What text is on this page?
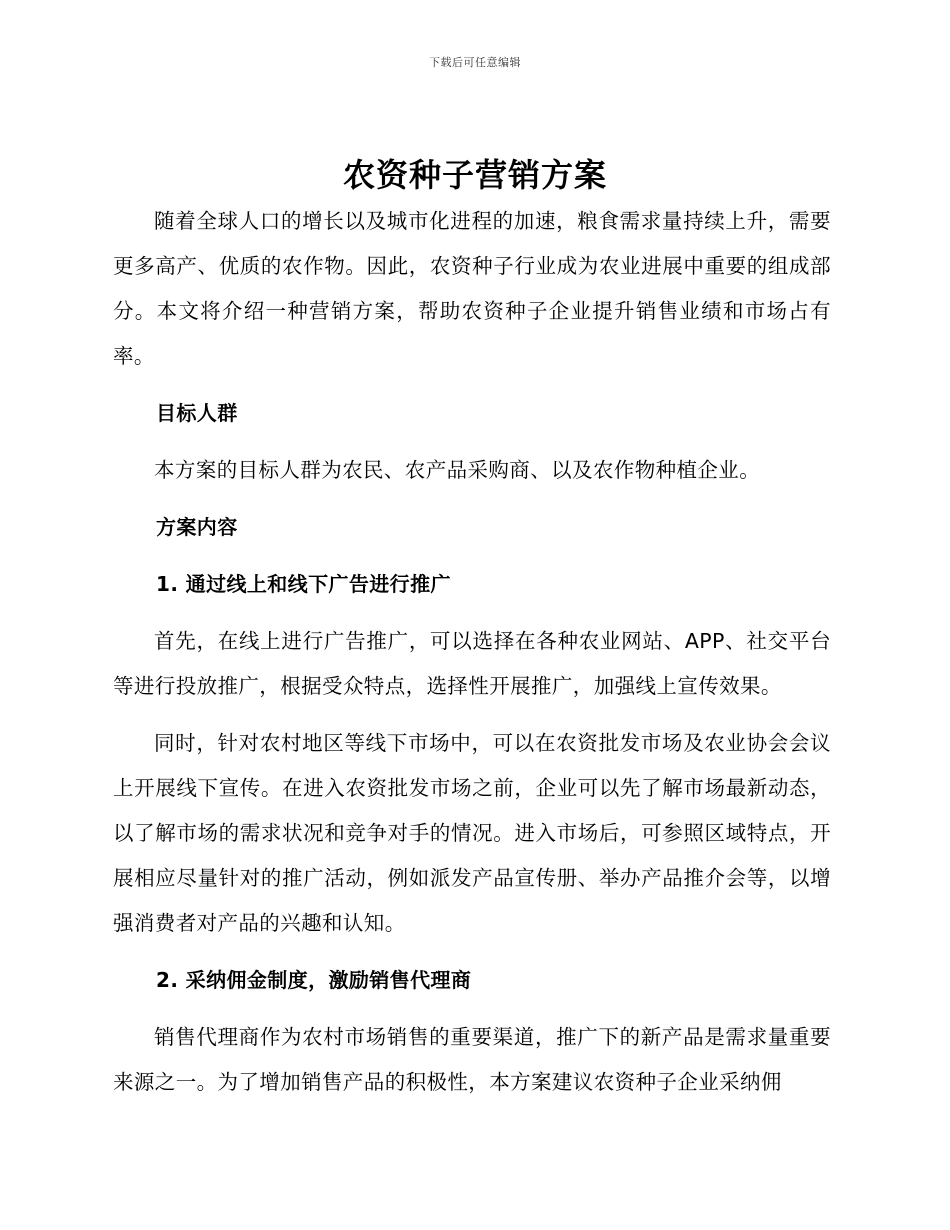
下载后可任意编辑
农资种子营销方案

随着全球人口的增长以及城市化进程的加速，粮食需求量持续上升，需要更多高产、优质的农作物。因此，农资种子行业成为农业进展中重要的组成部分。本文将介绍一种营销方案，帮助农资种子企业提升销售业绩和市场占有率。

目标人群

本方案的目标人群为农民、农产品采购商、以及农作物种植企业。

方案内容

1. 通过线上和线下广告进行推广

首先，在线上进行广告推广，可以选择在各种农业网站、APP、社交平台等进行投放推广，根据受众特点，选择性开展推广，加强线上宣传效果。

同时，针对农村地区等线下市场中，可以在农资批发市场及农业协会会议上开展线下宣传。在进入农资批发市场之前，企业可以先了解市场最新动态，以了解市场的需求状况和竞争对手的情况。进入市场后，可参照区域特点，开展相应尽量针对的推广活动，例如派发产品宣传册、举办产品推介会等，以增强消费者对产品的兴趣和认知。

2. 采纳佣金制度，激励销售代理商

销售代理商作为农村市场销售的重要渠道，推广下的新产品是需求量重要来源之一。为了增加销售产品的积极性，本方案建议农资种子企业采纳佣
